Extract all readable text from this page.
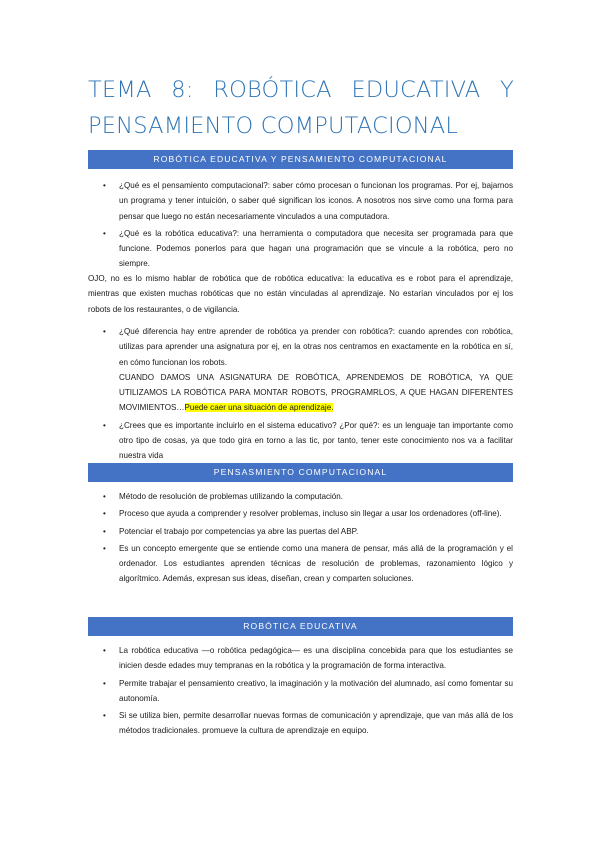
TEMA 8: ROBÓTICA EDUCATIVA Y
PENSAMIENTO COMPUTACIONAL
ROBÓTICA EDUCATIVA Y PENSAMIENTO COMPUTACIONAL
• ¿Qué es el pensamiento computacional?: saber cómo procesan o funcionan los programas. Por ej, bajarnos un programa y tener intuición, o saber qué significan los iconos. A nosotros nos sirve como una forma para pensar que luego no están necesariamente vinculados a una computadora.
• ¿Qué es la robótica educativa?: una herramienta o computadora que necesita ser programada para que funcione. Podemos ponerlos para que hagan una programación que se vincule a la robótica, pero no siempre.
OJO, no es lo mismo hablar de robótica que de robótica educativa: la educativa es e robot para el aprendizaje, mientras que existen muchas robóticas que no están vinculadas al aprendizaje. No estarían vinculados por ej los robots de los restaurantes, o de vigilancia.
• ¿Qué diferencia hay entre aprender de robótica ya prender con robótica?: cuando aprendes con robótica, utilizas para aprender una asignatura por ej, en la otras nos centramos en exactamente en la robótica en sí, en cómo funcionan los robots.
CUANDO DAMOS UNA ASIGNATURA DE ROBÓTICA, APRENDEMOS DE ROBÓTICA, YA QUE UTILIZAMOS LA ROBÓTICA PARA MONTAR ROBOTS, PROGRAMRLOS, A QUE HAGAN DIFERENTES MOVIMIENTOS…Puede caer una situación de aprendizaje.
• ¿Crees que es importante incluirlo en el sistema educativo? ¿Por qué?: es un lenguaje tan importante como otro tipo de cosas, ya que todo gira en torno a las tic, por tanto, tener este conocimiento nos va a facilitar nuestra vida
PENSASMIENTO COMPUTACIONAL
• Método de resolución de problemas utilizando la computación.
• Proceso que ayuda a comprender y resolver problemas, incluso sin llegar a usar los ordenadores (off-line).
• Potenciar el trabajo por competencias ya abre las puertas del ABP.
• Es un concepto emergente que se entiende como una manera de pensar, más allá de la programación y el ordenador. Los estudiantes aprenden técnicas de resolución de problemas, razonamiento lógico y algorítmico. Además, expresan sus ideas, diseñan, crean y comparten soluciones.
ROBÓTICA EDUCATIVA
• La robótica educativa —o robótica pedagógica— es una disciplina concebida para que los estudiantes se inicien desde edades muy tempranas en la robótica y la programación de forma interactiva.
• Permite trabajar el pensamiento creativo, la imaginación y la motivación del alumnado, así como fomentar su autonomía.
• Si se utiliza bien, permite desarrollar nuevas formas de comunicación y aprendizaje, que van más allá de los métodos tradicionales. promueve la cultura de aprendizaje en equipo.
